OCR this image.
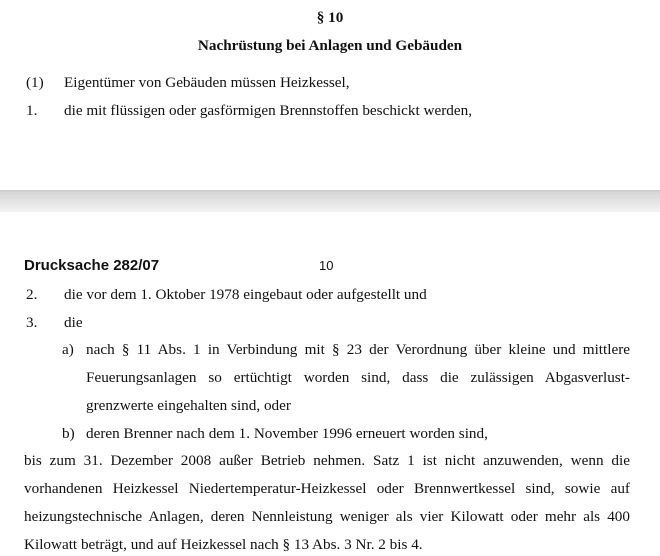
§ 10
Nachrüstung bei Anlagen und Gebäuden
(1) Eigentümer von Gebäuden müssen Heizkessel,
1. die mit flüssigen oder gasförmigen Brennstoffen beschickt werden,
Drucksache 282/07	10
2. die vor dem 1. Oktober 1978 eingebaut oder aufgestellt und
3. die
a) nach § 11 Abs. 1 in Verbindung mit § 23 der Verordnung über kleine und mittlere
Feuerungsanlagen so ertüchtigt worden sind, dass die zulässigen Abgasverlust-
grenzwerte eingehalten sind, oder
b) deren Brenner nach dem 1. November 1996 erneuert worden sind,
bis zum 31. Dezember 2008 außer Betrieb nehmen. Satz 1 ist nicht anzuwenden, wenn die
vorhandenen Heizkessel Niedertemperatur-Heizkessel oder Brennwertkessel sind, sowie auf
heizungstechnische Anlagen, deren Nennleistung weniger als vier Kilowatt oder mehr als 400
Kilowatt beträgt, und auf Heizkessel nach § 13 Abs. 3 Nr. 2 bis 4.
